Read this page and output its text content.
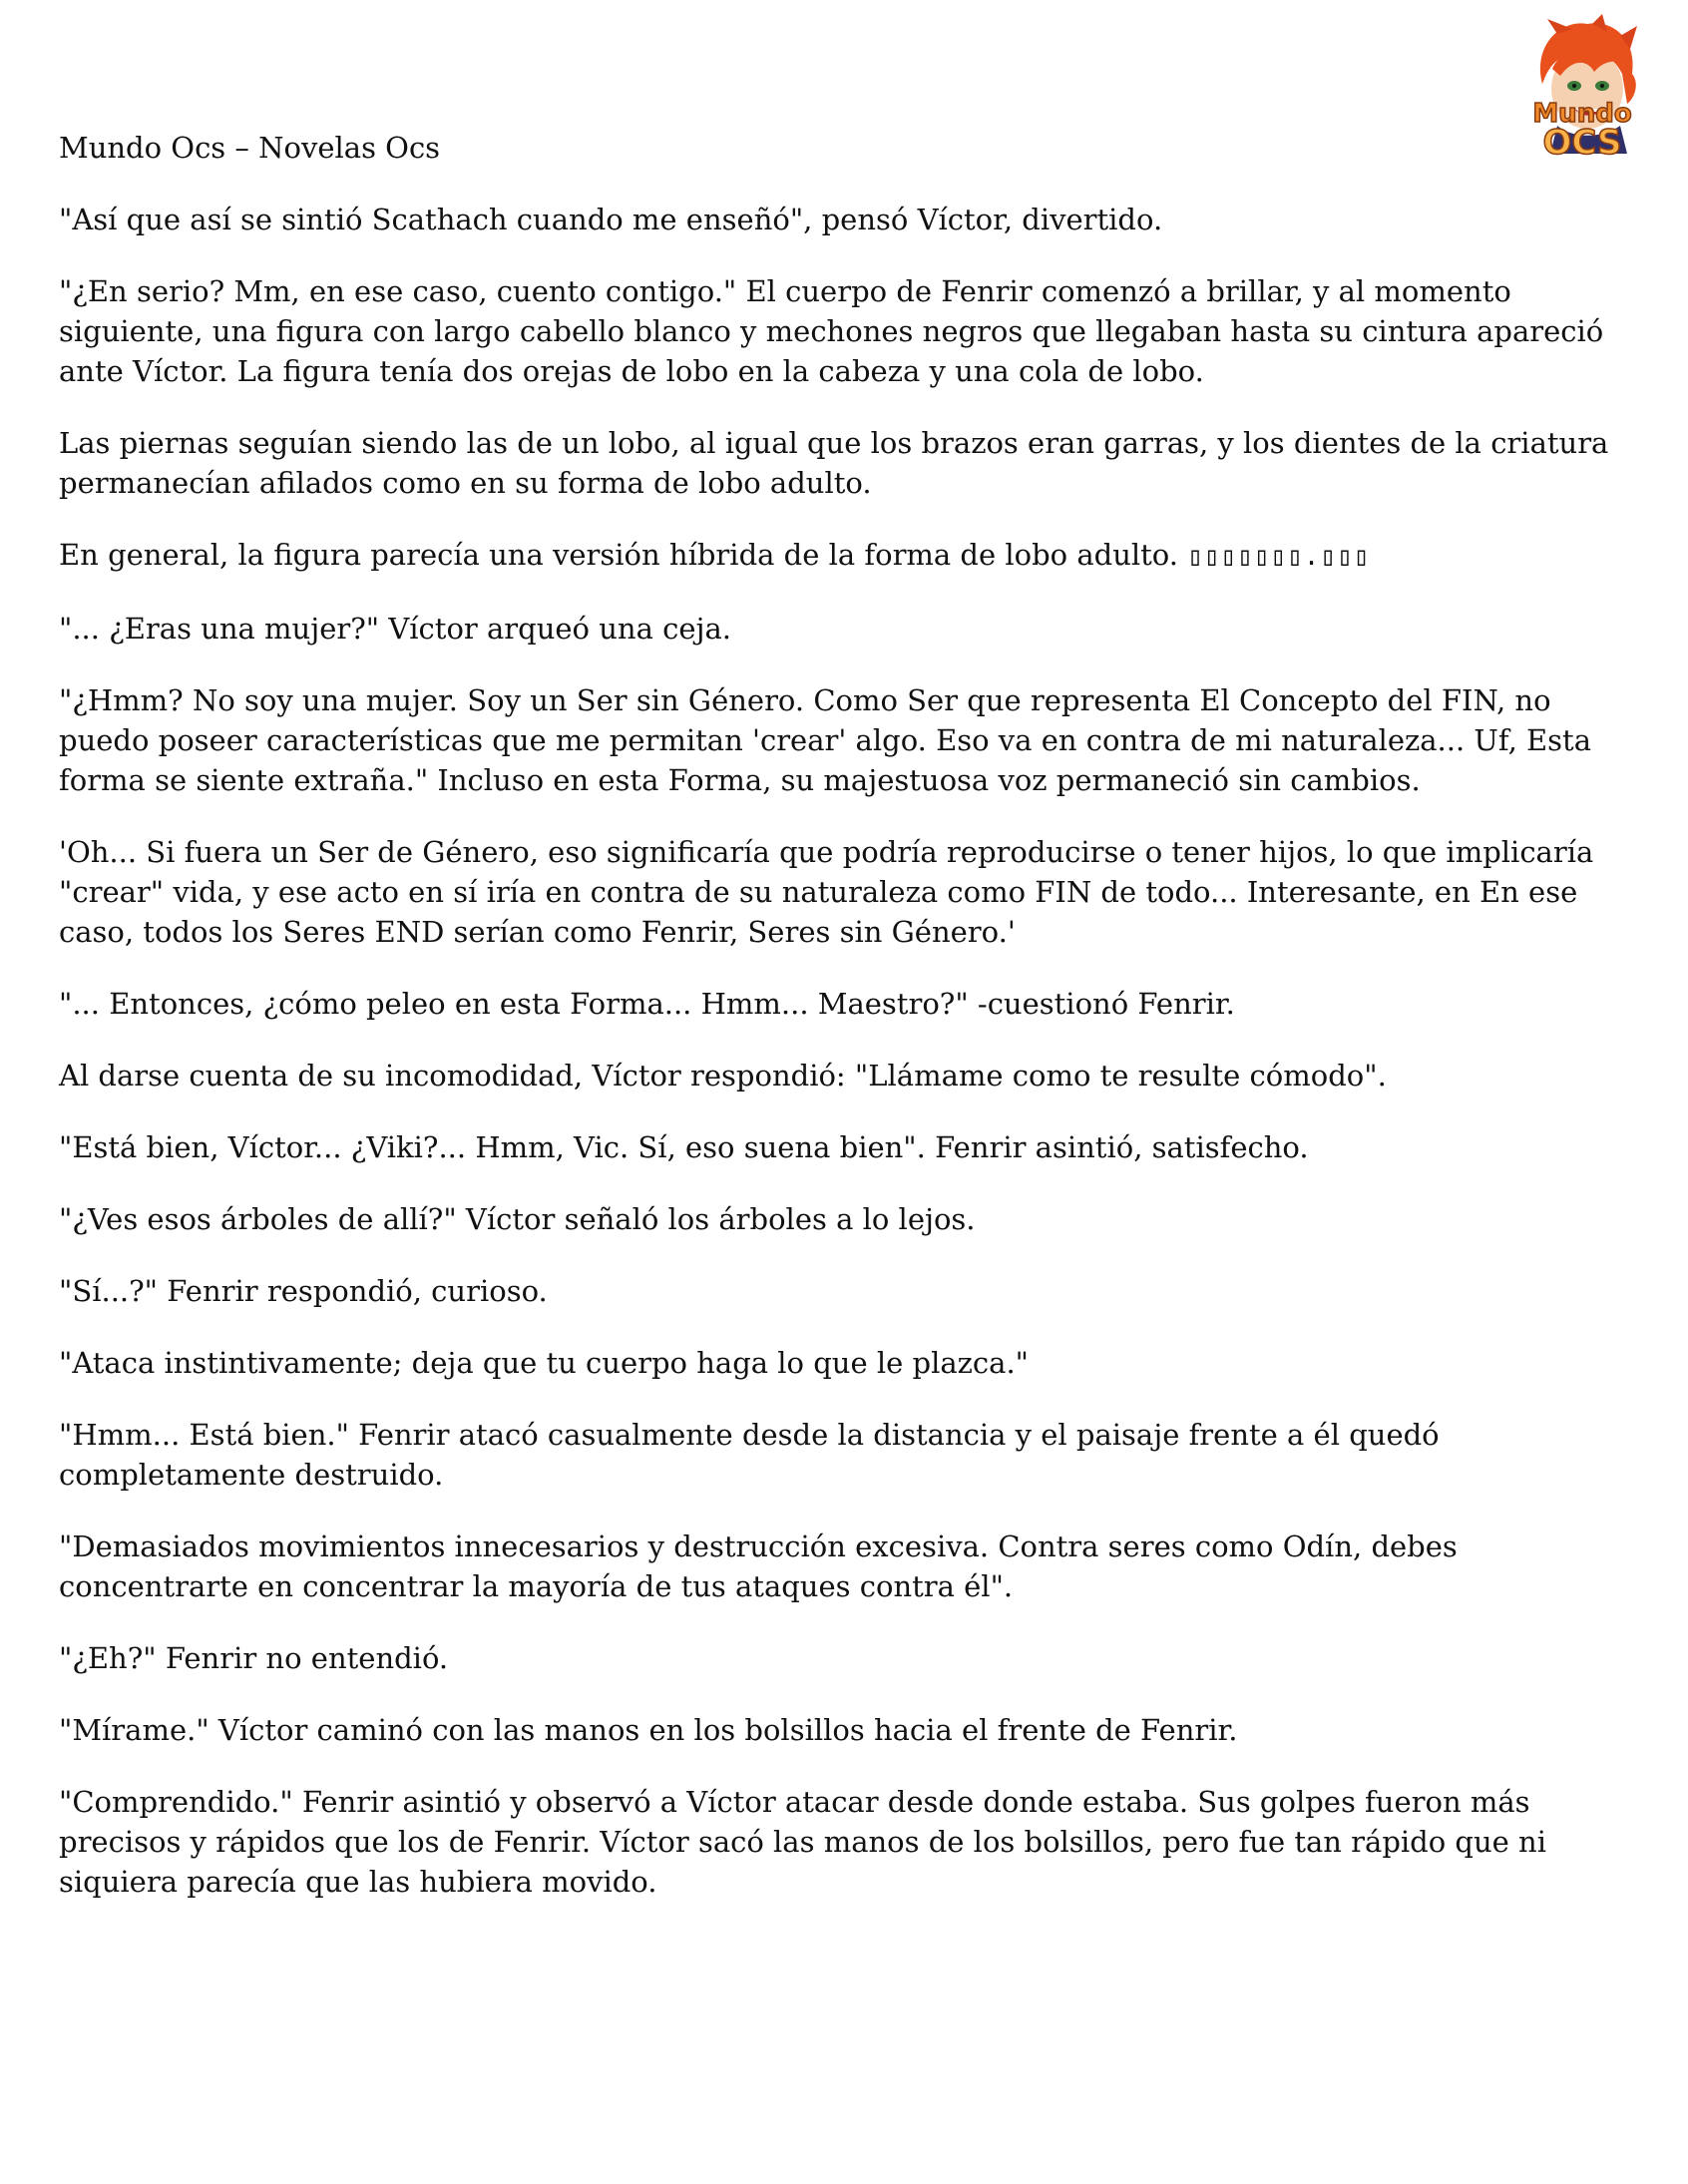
Mundo Ocs – Novelas Ocs
Mundo
OCS

"Así que así se sintió Scathach cuando me enseñó", pensó Víctor, divertido.

"¿En serio? Mm, en ese caso, cuento contigo." El cuerpo de Fenrir comenzó a brillar, y al momento siguiente, una figura con largo cabello blanco y mechones negros que llegaban hasta su cintura apareció ante Víctor. La figura tenía dos orejas de lobo en la cabeza y una cola de lobo.

Las piernas seguían siendo las de un lobo, al igual que los brazos eran garras, y los dientes de la criatura permanecían afilados como en su forma de lobo adulto.

En general, la figura parecía una versión híbrida de la forma de lobo adulto. ▯▯▯▯▯▯▯.▯▯▯

"... ¿Eras una mujer?" Víctor arqueó una ceja.

"¿Hmm? No soy una mujer. Soy un Ser sin Género. Como Ser que representa El Concepto del FIN, no puedo poseer características que me permitan 'crear' algo. Eso va en contra de mi naturaleza... Uf, Esta forma se siente extraña." Incluso en esta Forma, su majestuosa voz permaneció sin cambios.

'Oh... Si fuera un Ser de Género, eso significaría que podría reproducirse o tener hijos, lo que implicaría "crear" vida, y ese acto en sí iría en contra de su naturaleza como FIN de todo... Interesante, en En ese caso, todos los Seres END serían como Fenrir, Seres sin Género.'

"... Entonces, ¿cómo peleo en esta Forma... Hmm... Maestro?" -cuestionó Fenrir.

Al darse cuenta de su incomodidad, Víctor respondió: "Llámame como te resulte cómodo".

"Está bien, Víctor... ¿Viki?... Hmm, Vic. Sí, eso suena bien". Fenrir asintió, satisfecho.

"¿Ves esos árboles de allí?" Víctor señaló los árboles a lo lejos.

"Sí...?" Fenrir respondió, curioso.

"Ataca instintivamente; deja que tu cuerpo haga lo que le plazca."

"Hmm... Está bien." Fenrir atacó casualmente desde la distancia y el paisaje frente a él quedó completamente destruido.

"Demasiados movimientos innecesarios y destrucción excesiva. Contra seres como Odín, debes concentrarte en concentrar la mayoría de tus ataques contra él".

"¿Eh?" Fenrir no entendió.

"Mírame." Víctor caminó con las manos en los bolsillos hacia el frente de Fenrir.

"Comprendido." Fenrir asintió y observó a Víctor atacar desde donde estaba. Sus golpes fueron más precisos y rápidos que los de Fenrir. Víctor sacó las manos de los bolsillos, pero fue tan rápido que ni siquiera parecía que las hubiera movido.
